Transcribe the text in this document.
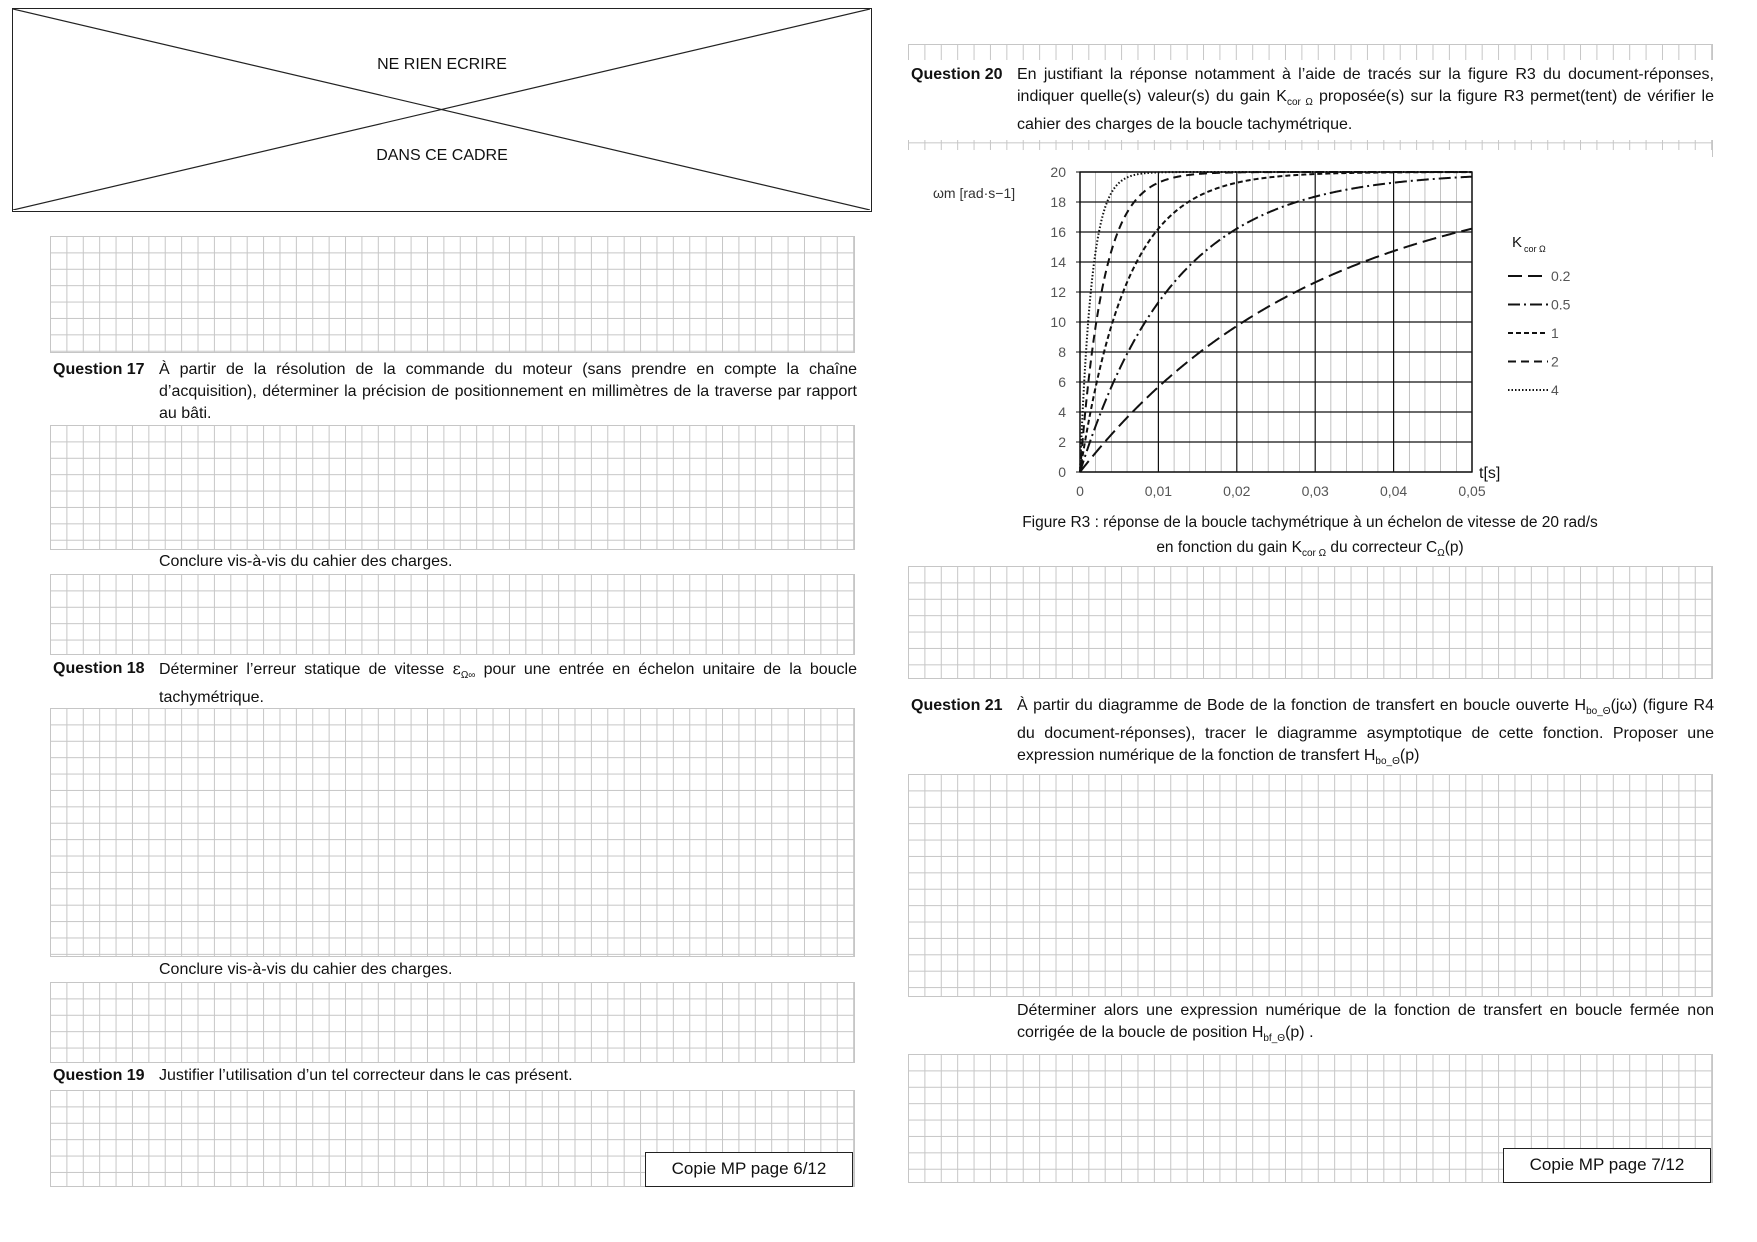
NE RIEN ECRIRE
DANS CE CADRE
Question 17 À partir de la résolution de la commande du moteur (sans prendre en compte la chaîne d’acquisition), déterminer la précision de positionnement en millimètres de la traverse par rapport au bâti.
Conclure vis-à-vis du cahier des charges.
Question 18 Déterminer l’erreur statique de vitesse $\varepsilon_{\Omega\infty}$ pour une entrée en échelon unitaire de la boucle tachymétrique.
Conclure vis-à-vis du cahier des charges.
Question 19 Justifier l’utilisation d’un tel correcteur dans le cas présent.
Copie MP page 6/12
Question 20 En justifiant la réponse notamment à l’aide de tracés sur la figure R3 du document-réponses, indiquer quelle(s) valeur(s) du gain $K_{cor \Omega}$ proposée(s) sur la figure R3 permet(tent) de vérifier le cahier des charges de la boucle tachymétrique.
0	0,01	0,02	0,03	0,04	0,05
0
2
4
6
8
10
12
14
16
18
20
0.2
0.5
1
2
4
ωm [rad·s−1]
t[s]
K cor Ω
Figure R3 : réponse de la boucle tachymétrique à un échelon de vitesse de 20 rad/s
en fonction du gain $K_{cor \Omega}$ du correcteur $C_\Omega(p)$
Question 21 À partir du diagramme de Bode de la fonction de transfert en boucle ouverte $H_{bo\_\Theta}(j\omega)$ (figure R4 du document-réponses), tracer le diagramme asymptotique de cette fonction. Proposer une expression numérique de la fonction de transfert $H_{bo\_\Theta}(p)$
Déterminer alors une expression numérique de la fonction de transfert en boucle fermée non corrigée de la boucle de position $H_{bf\_\Theta}(p)$ .
Copie MP page 7/12
